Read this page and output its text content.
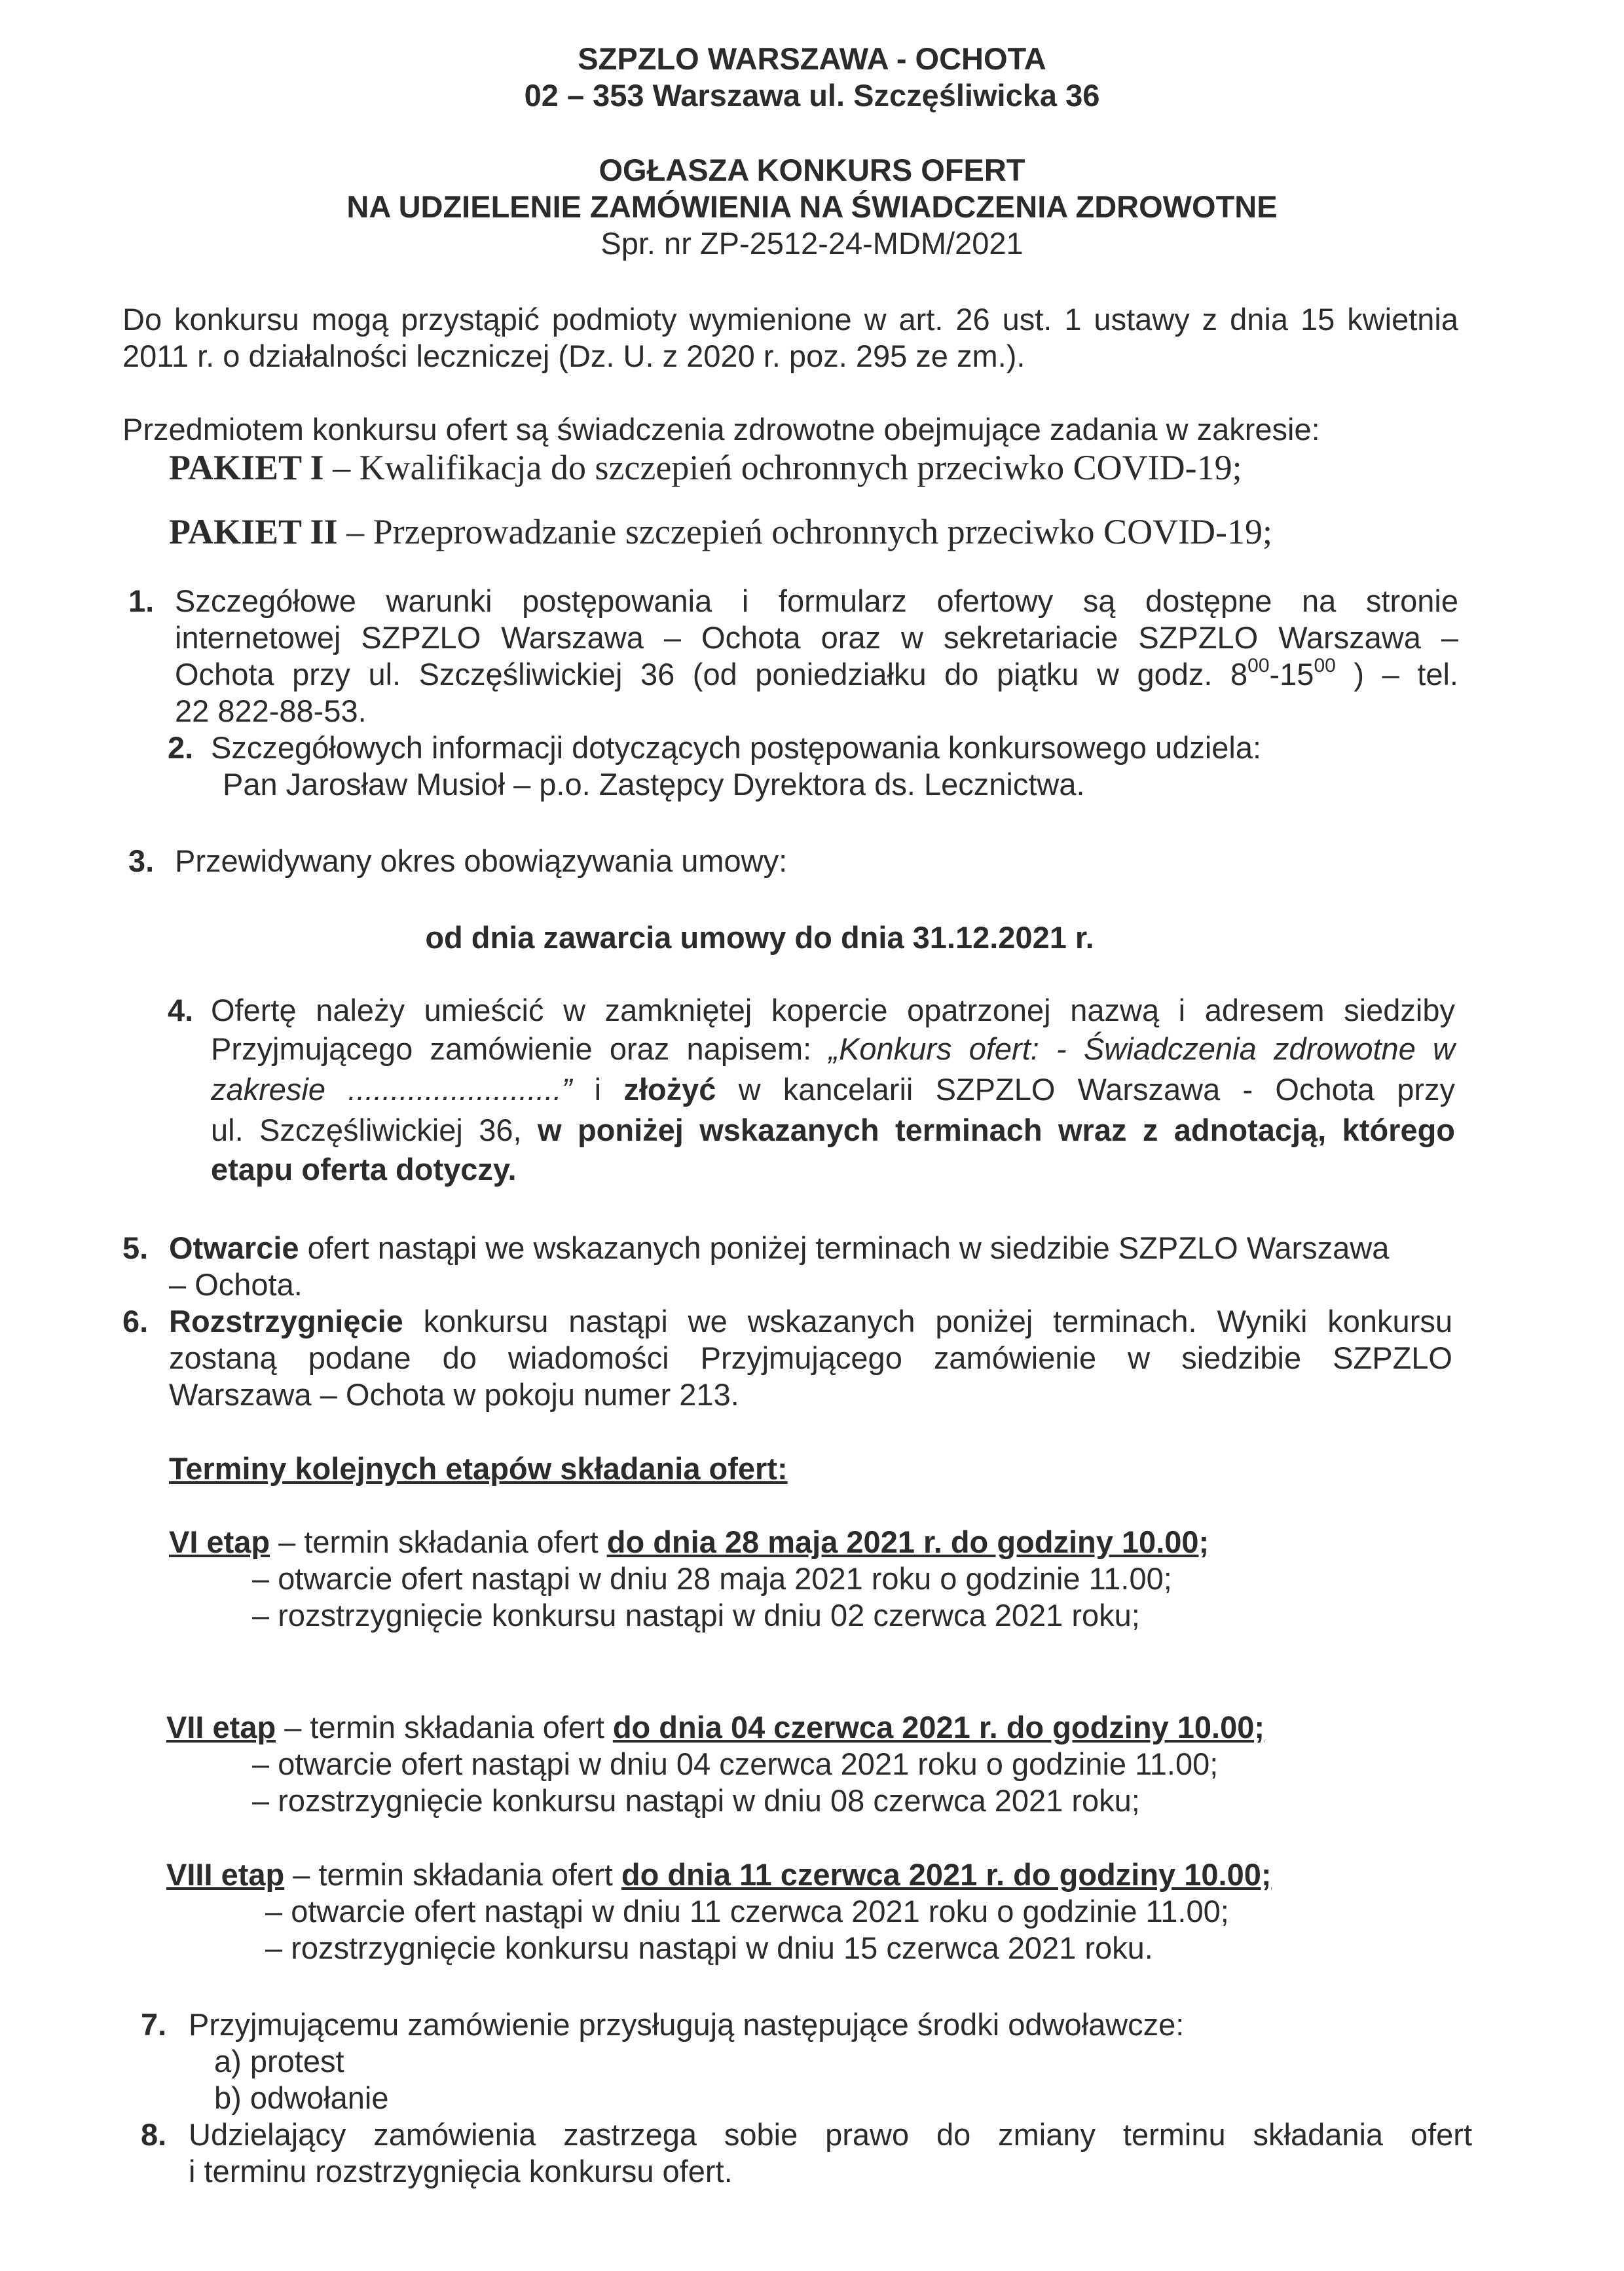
SZPZLO WARSZAWA - OCHOTA
02 – 353 Warszawa ul. Szczęśliwicka 36
OGŁASZA KONKURS OFERT
NA UDZIELENIE ZAMÓWIENIA NA ŚWIADCZENIA ZDROWOTNE
Spr. nr ZP-2512-24-MDM/2021
Do konkursu mogą przystąpić podmioty wymienione w art. 26 ust. 1 ustawy z dnia 15 kwietnia
2011 r. o działalności leczniczej (Dz. U. z 2020 r. poz. 295 ze zm.).
Przedmiotem konkursu ofert są świadczenia zdrowotne obejmujące zadania w zakresie:
PAKIET I – Kwalifikacja do szczepień ochronnych przeciwko COVID-19;
PAKIET II – Przeprowadzanie szczepień ochronnych przeciwko COVID-19;
1. Szczegółowe warunki postępowania i formularz ofertowy są dostępne na stronie
internetowej SZPZLO Warszawa – Ochota oraz w sekretariacie SZPZLO Warszawa –
Ochota przy ul. Szczęśliwickiej 36 (od poniedziałku do piątku w godz. $8^{00}-15^{00}$ ) – tel.
22 822-88-53.
2. Szczegółowych informacji dotyczących postępowania konkursowego udziela:
Pan Jarosław Musioł – p.o. Zastępcy Dyrektora ds. Lecznictwa.
3. Przewidywany okres obowiązywania umowy:
od dnia zawarcia umowy do dnia 31.12.2021 r.
4. Ofertę należy umieścić w zamkniętej kopercie opatrzonej nazwą i adresem siedziby
Przyjmującego zamówienie oraz napisem: „Konkurs ofert: - Świadczenia zdrowotne w
zakresie .........................” i złożyć w kancelarii SZPZLO Warszawa - Ochota przy
ul. Szczęśliwickiej 36, w poniżej wskazanych terminach wraz z adnotacją, którego
etapu oferta dotyczy.
5. Otwarcie ofert nastąpi we wskazanych poniżej terminach w siedzibie SZPZLO Warszawa
– Ochota.
6. Rozstrzygnięcie konkursu nastąpi we wskazanych poniżej terminach. Wyniki konkursu
zostaną podane do wiadomości Przyjmującego zamówienie w siedzibie SZPZLO
Warszawa – Ochota w pokoju numer 213.
Terminy kolejnych etapów składania ofert:
VI etap – termin składania ofert do dnia 28 maja 2021 r. do godziny 10.00;
– otwarcie ofert nastąpi w dniu 28 maja 2021 roku o godzinie 11.00;
– rozstrzygnięcie konkursu nastąpi w dniu 02 czerwca 2021 roku;
VII etap – termin składania ofert do dnia 04 czerwca 2021 r. do godziny 10.00;
– otwarcie ofert nastąpi w dniu 04 czerwca 2021 roku o godzinie 11.00;
– rozstrzygnięcie konkursu nastąpi w dniu 08 czerwca 2021 roku;
VIII etap – termin składania ofert do dnia 11 czerwca 2021 r. do godziny 10.00;
– otwarcie ofert nastąpi w dniu 11 czerwca 2021 roku o godzinie 11.00;
– rozstrzygnięcie konkursu nastąpi w dniu 15 czerwca 2021 roku.
7. Przyjmującemu zamówienie przysługują następujące środki odwoławcze:
a) protest
b) odwołanie
8. Udzielający zamówienia zastrzega sobie prawo do zmiany terminu składania ofert
i terminu rozstrzygnięcia konkursu ofert.
